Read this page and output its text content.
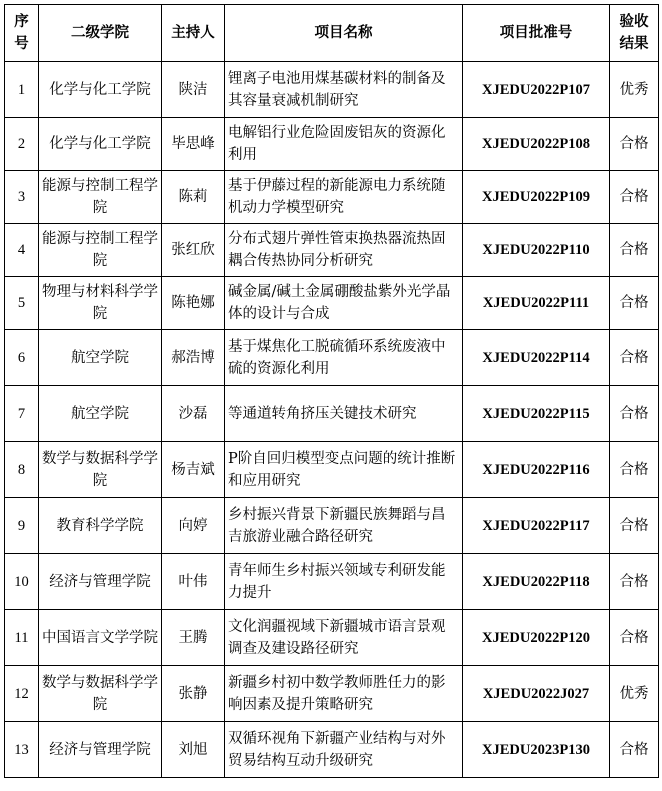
序号	二级学院	主持人	项目名称	项目批准号	验收结果
1	化学与化工学院	陕洁	锂离子电池用煤基碳材料的制备及其容量衰减机制研究	XJEDU2022P107	优秀
2	化学与化工学院	毕思峰	电解铝行业危险固废铝灰的资源化利用	XJEDU2022P108	合格
3	能源与控制工程学院	陈莉	基于伊藤过程的新能源电力系统随机动力学模型研究	XJEDU2022P109	合格
4	能源与控制工程学院	张红欣	分布式翅片弹性管束换热器流热固耦合传热协同分析研究	XJEDU2022P110	合格
5	物理与材料科学学院	陈艳娜	碱金属/碱土金属硼酸盐紫外光学晶体的设计与合成	XJEDU2022P111	合格
6	航空学院	郝浩博	基于煤焦化工脱硫循环系统废液中硫的资源化利用	XJEDU2022P114	合格
7	航空学院	沙磊	等通道转角挤压关键技术研究	XJEDU2022P115	合格
8	数学与数据科学学院	杨吉斌	P阶自回归模型变点问题的统计推断和应用研究	XJEDU2022P116	合格
9	教育科学学院	向婷	乡村振兴背景下新疆民族舞蹈与昌吉旅游业融合路径研究	XJEDU2022P117	合格
10	经济与管理学院	叶伟	青年师生乡村振兴领域专利研发能力提升	XJEDU2022P118	合格
11	中国语言文学学院	王腾	文化润疆视域下新疆城市语言景观调查及建设路径研究	XJEDU2022P120	合格
12	数学与数据科学学院	张静	新疆乡村初中数学教师胜任力的影响因素及提升策略研究	XJEDU2022J027	优秀
13	经济与管理学院	刘旭	双循环视角下新疆产业结构与对外贸易结构互动升级研究	XJEDU2023P130	合格
